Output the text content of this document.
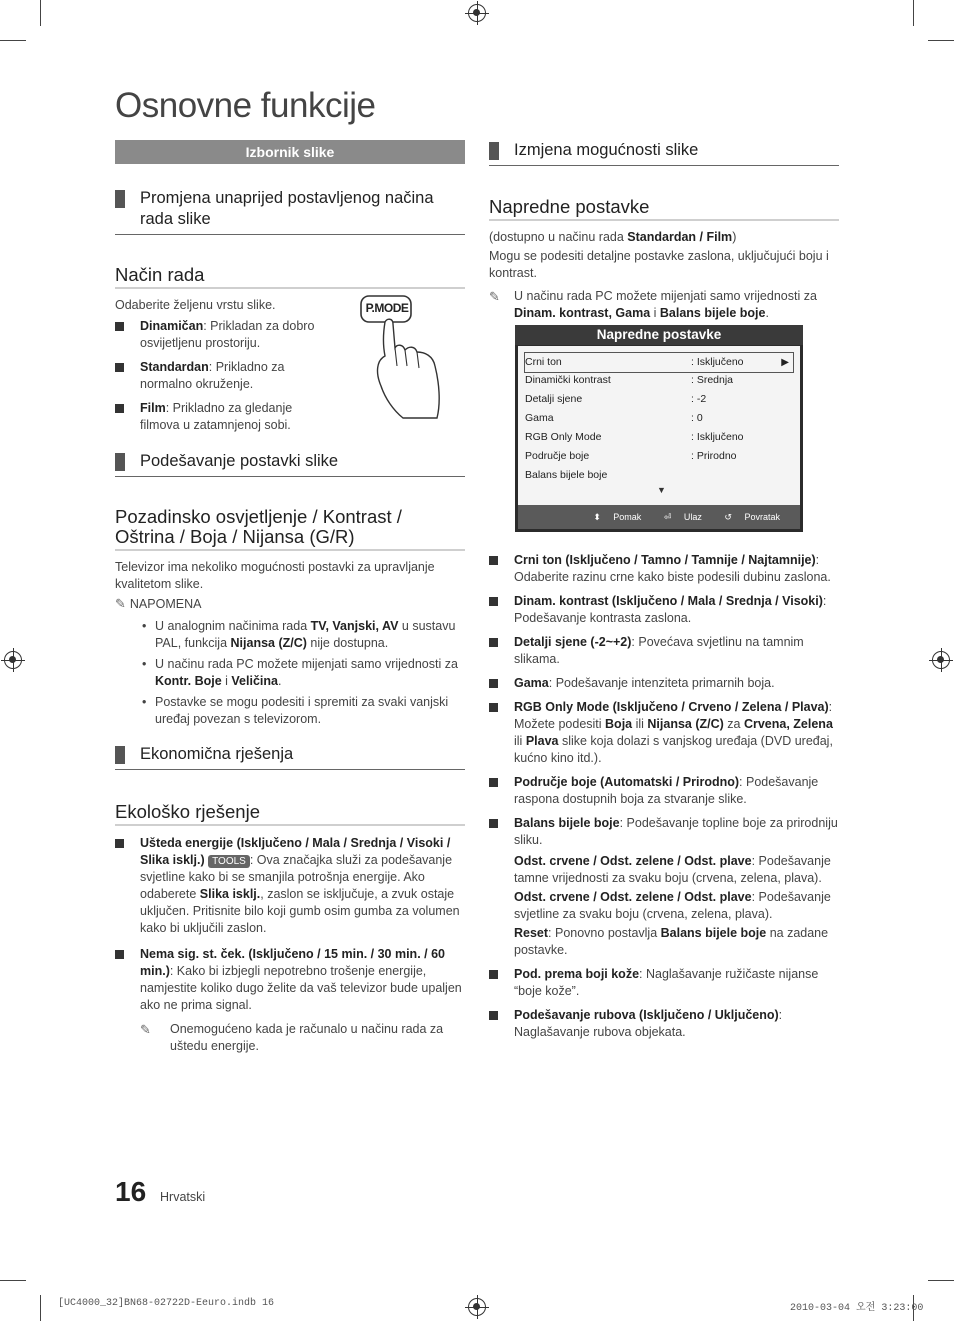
Osnovne funkcije
Izbornik slike
Promjena unaprijed postavljenog načina rada slike
Način rada
Odaberite željenu vrstu slike.
Dinamičan: Prikladan za dobro osvijetljenu prostoriju.
Standardan: Prikladno za normalno okruženje.
Film: Prikladno za gledanje filmova u zatamnjenoj sobi.
P.MODE
Podešavanje postavki slike
Pozadinsko osvjetljenje / Kontrast / Oštrina / Boja / Nijansa (G/R)
Televizor ima nekoliko mogućnosti postavki za upravljanje kvalitetom slike.
✎ NAPOMENA
• U analognim načinima rada TV, Vanjski, AV u sustavu PAL, funkcija Nijansa (Z/C) nije dostupna.
• U načinu rada PC možete mijenjati samo vrijednosti za Kontr. Boje i Veličina.
• Postavke se mogu podesiti i spremiti za svaki vanjski uređaj povezan s televizorom.
Ekonomična rješenja
Ekološko rješenje
Ušteda energije (Isključeno / Mala / Srednja / Visoki / Slika isklj.) TOOLS : Ova značajka služi za podešavanje svjetline kako bi se smanjila potrošnja energije. Ako odaberete Slika isklj., zaslon se isključuje, a zvuk ostaje uključen. Pritisnite bilo koji gumb osim gumba za volumen kako bi uključili zaslon.
Nema sig. st. ček. (Isključeno / 15 min. / 30 min. / 60 min.): Kako bi izbjegli nepotrebno trošenje energije, namjestite koliko dugo želite da vaš televizor bude upaljen ako ne prima signal.
✎ Onemogućeno kada je računalo u načinu rada za uštedu energije.
Izmjena mogućnosti slike
Napredne postavke
(dostupno u načinu rada Standardan / Film)
Mogu se podesiti detaljne postavke zaslona, uključujući boju i kontrast.
✎ U načinu rada PC možete mijenjati samo vrijednosti za Dinam. kontrast, Gama i Balans bijele boje.
Napredne postavke
Crni ton	: Isključeno	▶
Dinamički kontrast	: Srednja
Detalji sjene	: -2
Gama	: 0
RGB Only Mode	: Isključeno
Područje boje	: Prirodno
Balans bijele boje
▼
⬍ Pomak	⏎ Ulaz	↺ Povratak
Crni ton (Isključeno / Tamno / Tamnije / Najtamnije): Odaberite razinu crne kako biste podesili dubinu zaslona.
Dinam. kontrast (Isključeno / Mala / Srednja / Visoki): Podešavanje kontrasta zaslona.
Detalji sjene (-2~+2): Povećava svjetlinu na tamnim slikama.
Gama: Podešavanje intenziteta primarnih boja.
RGB Only Mode (Isključeno / Crveno / Zelena / Plava): Možete podesiti Boja ili Nijansa (Z/C) za Crvena, Zelena ili Plava slike koja dolazi s vanjskog uređaja (DVD uređaj, kućno kino itd.).
Područje boje (Automatski / Prirodno): Podešavanje raspona dostupnih boja za stvaranje slike.
Balans bijele boje: Podešavanje topline boje za prirodniju sliku.
Odst. crvene / Odst. zelene / Odst. plave: Podešavanje tamne vrijednosti za svaku boju (crvena, zelena, plava).
Odst. crvene / Odst. zelene / Odst. plave: Podešavanje svjetline za svaku boju (crvena, zelena, plava).
Reset: Ponovno postavlja Balans bijele boje na zadane postavke.
Pod. prema boji kože: Naglašavanje ružičaste nijanse “boje kože”.
Podešavanje rubova (Isključeno / Uključeno): Naglašavanje rubova objekata.
16 Hrvatski
[UC4000_32]BN68-02722D-Eeuro.indb 16	2010-03-04 오전 3:23:00
